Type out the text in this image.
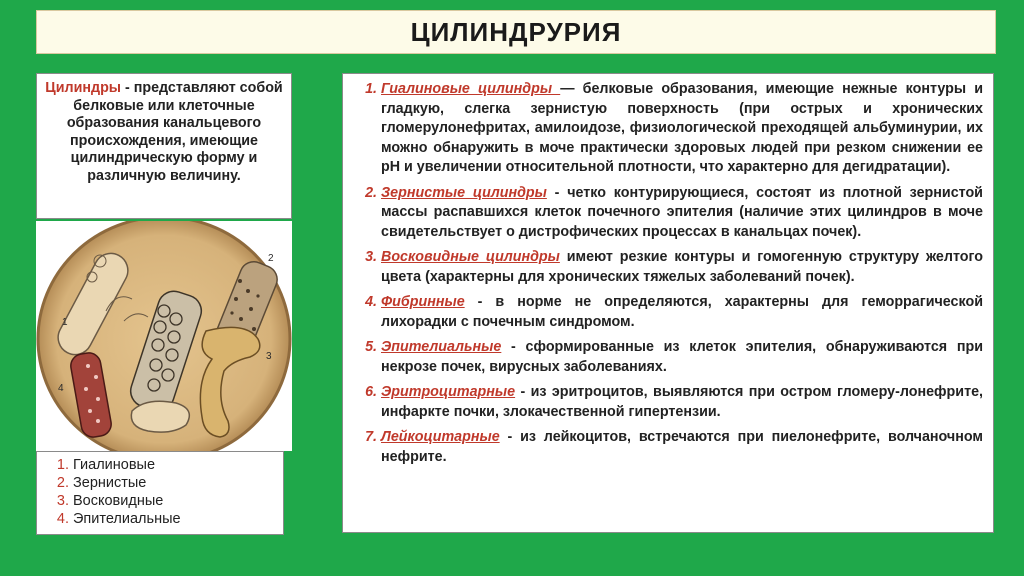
ЦИЛИНДРУРИЯ
Цилиндры - представляют собой белковые или клеточные образования канальцевого происхождения, имеющие цилиндрическую форму и различную величину.
1
2
3
4
1. Гиалиновые
2. Зернистые
3. Восковидные
4. Эпителиальные
1. Гиалиновые цилиндры — белковые образования, имеющие нежные контуры и гладкую, слегка зернистую поверхность (при острых и хронических гломерулонефритах, амилоидозе, физиологической преходящей альбуминурии, их можно обнаружить в моче практически здоровых людей при резком снижении ее pH и увеличении относительной плотности, что характерно для дегидратации).
2. Зернистые цилиндры - четко контурирующиеся, состоят из плотной зернистой массы распавшихся клеток почечного эпителия (наличие этих цилиндров в моче свидетельствует о дистрофических процессах в канальцах почек).
3. Восковидные цилиндры имеют резкие контуры и гомогенную структуру желтого цвета (характерны для хронических тяжелых заболеваний почек).
4. Фибринные - в норме не определяются, характерны для геморрагической лихорадки с почечным синдромом.
5. Эпителиальные - сформированные из клеток эпителия, обнаруживаются при некрозе почек, вирусных заболеваниях.
6. Эритроцитарные - из эритроцитов, выявляются при остром гломеру-лонефрите, инфаркте почки, злокачественной гипертензии.
7. Лейкоцитарные - из лейкоцитов, встречаются при пиелонефрите, волчаночном нефрите.
